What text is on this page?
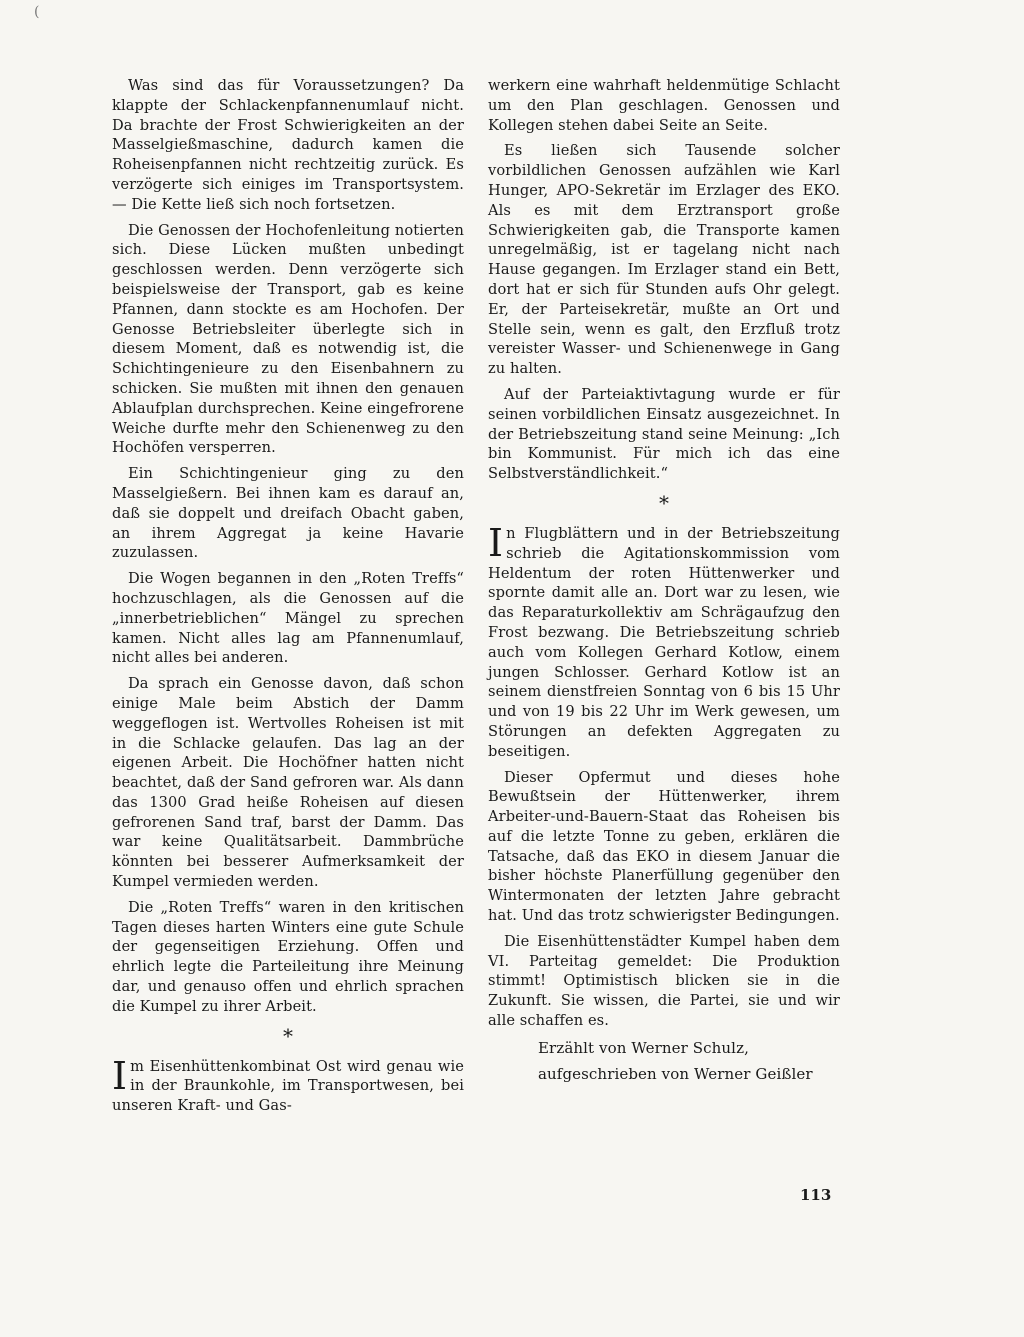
(

Was sind das für Voraussetzungen? Da klappte der Schlackenpfannenumlauf nicht. Da brachte der Frost Schwierigkeiten an der Masselgießmaschine, dadurch kamen die Roheisenpfannen nicht rechtzeitig zurück. Es verzögerte sich einiges im Transportsystem. — Die Kette ließ sich noch fortsetzen.

Die Genossen der Hochofenleitung notierten sich. Diese Lücken mußten unbedingt geschlossen werden. Denn verzögerte sich beispielsweise der Transport, gab es keine Pfannen, dann stockte es am Hochofen. Der Genosse Betriebsleiter überlegte sich in diesem Moment, daß es notwendig ist, die Schichtingenieure zu den Eisenbahnern zu schicken. Sie mußten mit ihnen den genauen Ablaufplan durchsprechen. Keine eingefrorene Weiche durfte mehr den Schienenweg zu den Hochöfen versperren.

Ein Schichtingenieur ging zu den Masselgießern. Bei ihnen kam es darauf an, daß sie doppelt und dreifach Obacht gaben, an ihrem Aggregat ja keine Havarie zuzulassen.

Die Wogen begannen in den „Roten Treffs“ hochzuschlagen, als die Genossen auf die „innerbetrieblichen“ Mängel zu sprechen kamen. Nicht alles lag am Pfannenumlauf, nicht alles bei anderen.

Da sprach ein Genosse davon, daß schon einige Male beim Abstich der Damm weggeflogen ist. Wertvolles Roheisen ist mit in die Schlacke gelaufen. Das lag an der eigenen Arbeit. Die Hochöfner hatten nicht beachtet, daß der Sand gefroren war. Als dann das 1300 Grad heiße Roheisen auf diesen gefrorenen Sand traf, barst der Damm. Das war keine Qualitätsarbeit. Dammbrüche könnten bei besserer Aufmerksamkeit der Kumpel vermieden werden.

Die „Roten Treffs“ waren in den kritischen Tagen dieses harten Winters eine gute Schule der gegenseitigen Erziehung. Offen und ehrlich legte die Parteileitung ihre Meinung dar, und genauso offen und ehrlich sprachen die Kumpel zu ihrer Arbeit.

*

Im Eisenhüttenkombinat Ost wird genau wie in der Braunkohle, im Transportwesen, bei unseren Kraft- und Gas-

werkern eine wahrhaft heldenmütige Schlacht um den Plan geschlagen. Genossen und Kollegen stehen dabei Seite an Seite.

Es ließen sich Tausende solcher vorbildlichen Genossen aufzählen wie Karl Hunger, APO-Sekretär im Erzlager des EKO. Als es mit dem Erztransport große Schwierigkeiten gab, die Transporte kamen unregelmäßig, ist er tagelang nicht nach Hause gegangen. Im Erzlager stand ein Bett, dort hat er sich für Stunden aufs Ohr gelegt. Er, der Parteisekretär, mußte an Ort und Stelle sein, wenn es galt, den Erzfluß trotz vereister Wasser- und Schienenwege in Gang zu halten.

Auf der Parteiaktivtagung wurde er für seinen vorbildlichen Einsatz ausgezeichnet. In der Betriebszeitung stand seine Meinung: „Ich bin Kommunist. Für mich ich das eine Selbstverständlichkeit.“

*

In Flugblättern und in der Betriebszeitung schrieb die Agitationskommission vom Heldentum der roten Hüttenwerker und spornte damit alle an. Dort war zu lesen, wie das Reparaturkollektiv am Schrägaufzug den Frost bezwang. Die Betriebszeitung schrieb auch vom Kollegen Gerhard Kotlow, einem jungen Schlosser. Gerhard Kotlow ist an seinem dienstfreien Sonntag von 6 bis 15 Uhr und von 19 bis 22 Uhr im Werk gewesen, um Störungen an defekten Aggregaten zu beseitigen.

Dieser Opfermut und dieses hohe Bewußtsein der Hüttenwerker, ihrem Arbeiter-und-Bauern-Staat das Roheisen bis auf die letzte Tonne zu geben, erklären die Tatsache, daß das EKO in diesem Januar die bisher höchste Planerfüllung gegenüber den Wintermonaten der letzten Jahre gebracht hat. Und das trotz schwierigster Bedingungen.

Die Eisenhüttenstädter Kumpel haben dem VI. Parteitag gemeldet: Die Produktion stimmt! Optimistisch blicken sie in die Zukunft. Sie wissen, die Partei, sie und wir alle schaffen es.

Erzählt von Werner Schulz,

aufgeschrieben von Werner Geißler

113
